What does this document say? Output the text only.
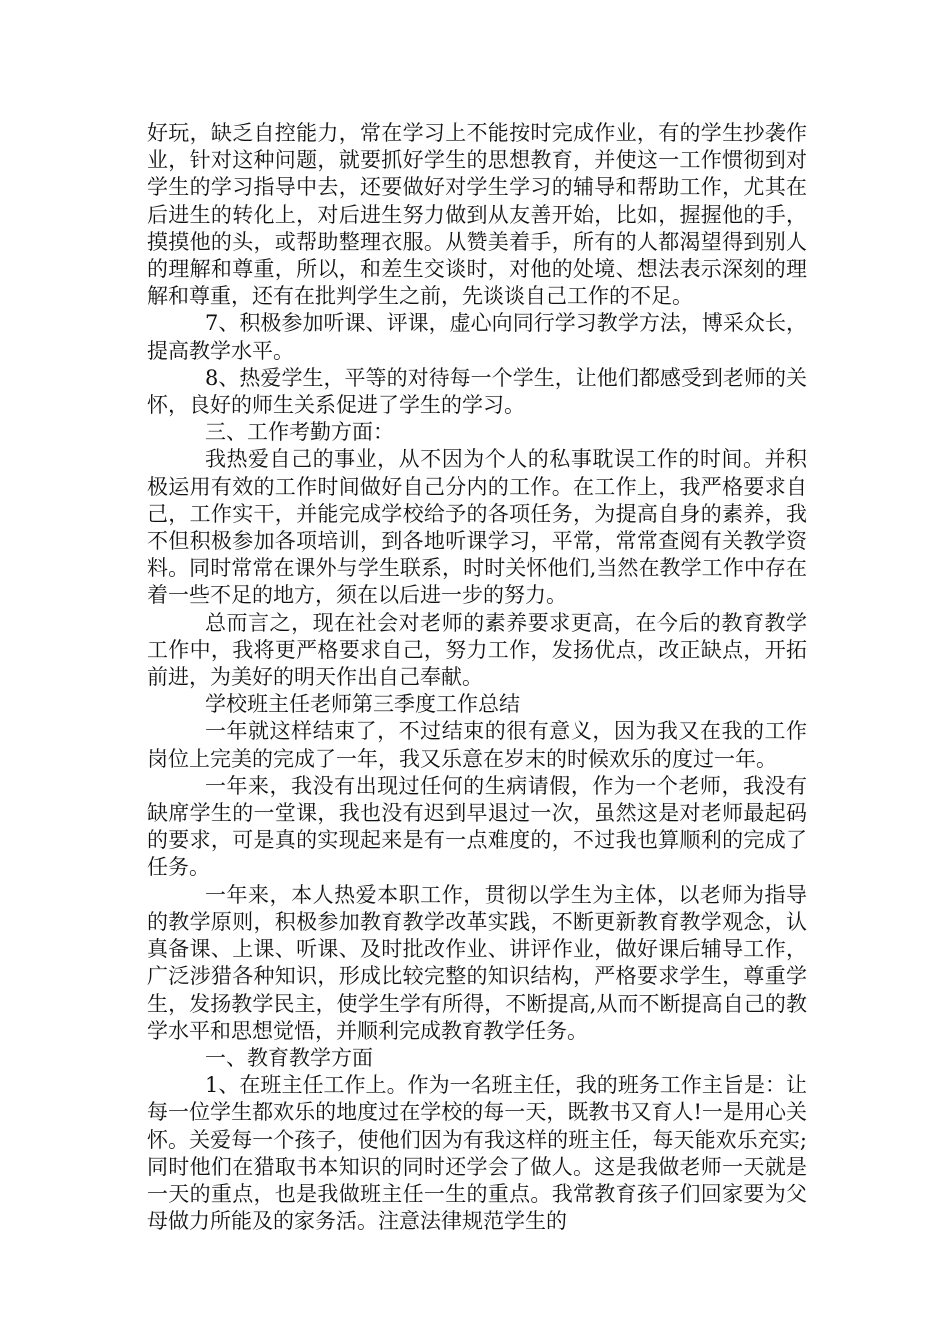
好玩，缺乏自控能力，常在学习上不能按时完成作业，有的学生抄袭作业，针对这种问题，就要抓好学生的思想教育，并使这一工作惯彻到对学生的学习指导中去，还要做好对学生学习的辅导和帮助工作，尤其在后进生的转化上，对后进生努力做到从友善开始，比如，握握他的手，摸摸他的头，或帮助整理衣服。从赞美着手，所有的人都渴望得到别人的理解和尊重，所以，和差生交谈时，对他的处境、想法表示深刻的理解和尊重，还有在批判学生之前，先谈谈自己工作的不足。

7、积极参加听课、评课，虚心向同行学习教学方法，博采众长，提高教学水平。

8、热爱学生，平等的对待每一个学生，让他们都感受到老师的关怀，良好的师生关系促进了学生的学习。

三、工作考勤方面：

我热爱自己的事业，从不因为个人的私事耽误工作的时间。并积极运用有效的工作时间做好自己分内的工作。在工作上，我严格要求自己，工作实干，并能完成学校给予的各项任务，为提高自身的素养，我不但积极参加各项培训，到各地听课学习，平常，常常查阅有关教学资料。同时常常在课外与学生联系，时时关怀他们,当然在教学工作中存在着一些不足的地方，须在以后进一步的努力。

总而言之，现在社会对老师的素养要求更高，在今后的教育教学工作中，我将更严格要求自己，努力工作，发扬优点，改正缺点，开拓前进，为美好的明天作出自己奉献。

学校班主任老师第三季度工作总结

一年就这样结束了，不过结束的很有意义，因为我又在我的工作岗位上完美的完成了一年，我又乐意在岁末的时候欢乐的度过一年。

一年来，我没有出现过任何的生病请假，作为一个老师，我没有缺席学生的一堂课，我也没有迟到早退过一次，虽然这是对老师最起码的要求，可是真的实现起来是有一点难度的，不过我也算顺利的完成了任务。

一年来，本人热爱本职工作，贯彻以学生为主体，以老师为指导的教学原则，积极参加教育教学改革实践，不断更新教育教学观念，认真备课、上课、听课、及时批改作业、讲评作业，做好课后辅导工作，广泛涉猎各种知识，形成比较完整的知识结构，严格要求学生，尊重学生，发扬教学民主，使学生学有所得，不断提高,从而不断提高自己的教学水平和思想觉悟，并顺利完成教育教学任务。

一、教育教学方面

1、在班主任工作上。作为一名班主任，我的班务工作主旨是：让每一位学生都欢乐的地度过在学校的每一天，既教书又育人!一是用心关怀。关爱每一个孩子，使他们因为有我这样的班主任，每天能欢乐充实;同时他们在猎取书本知识的同时还学会了做人。这是我做老师一天就是一天的重点，也是我做班主任一生的重点。我常教育孩子们回家要为父母做力所能及的家务活。注意法律规范学生的
